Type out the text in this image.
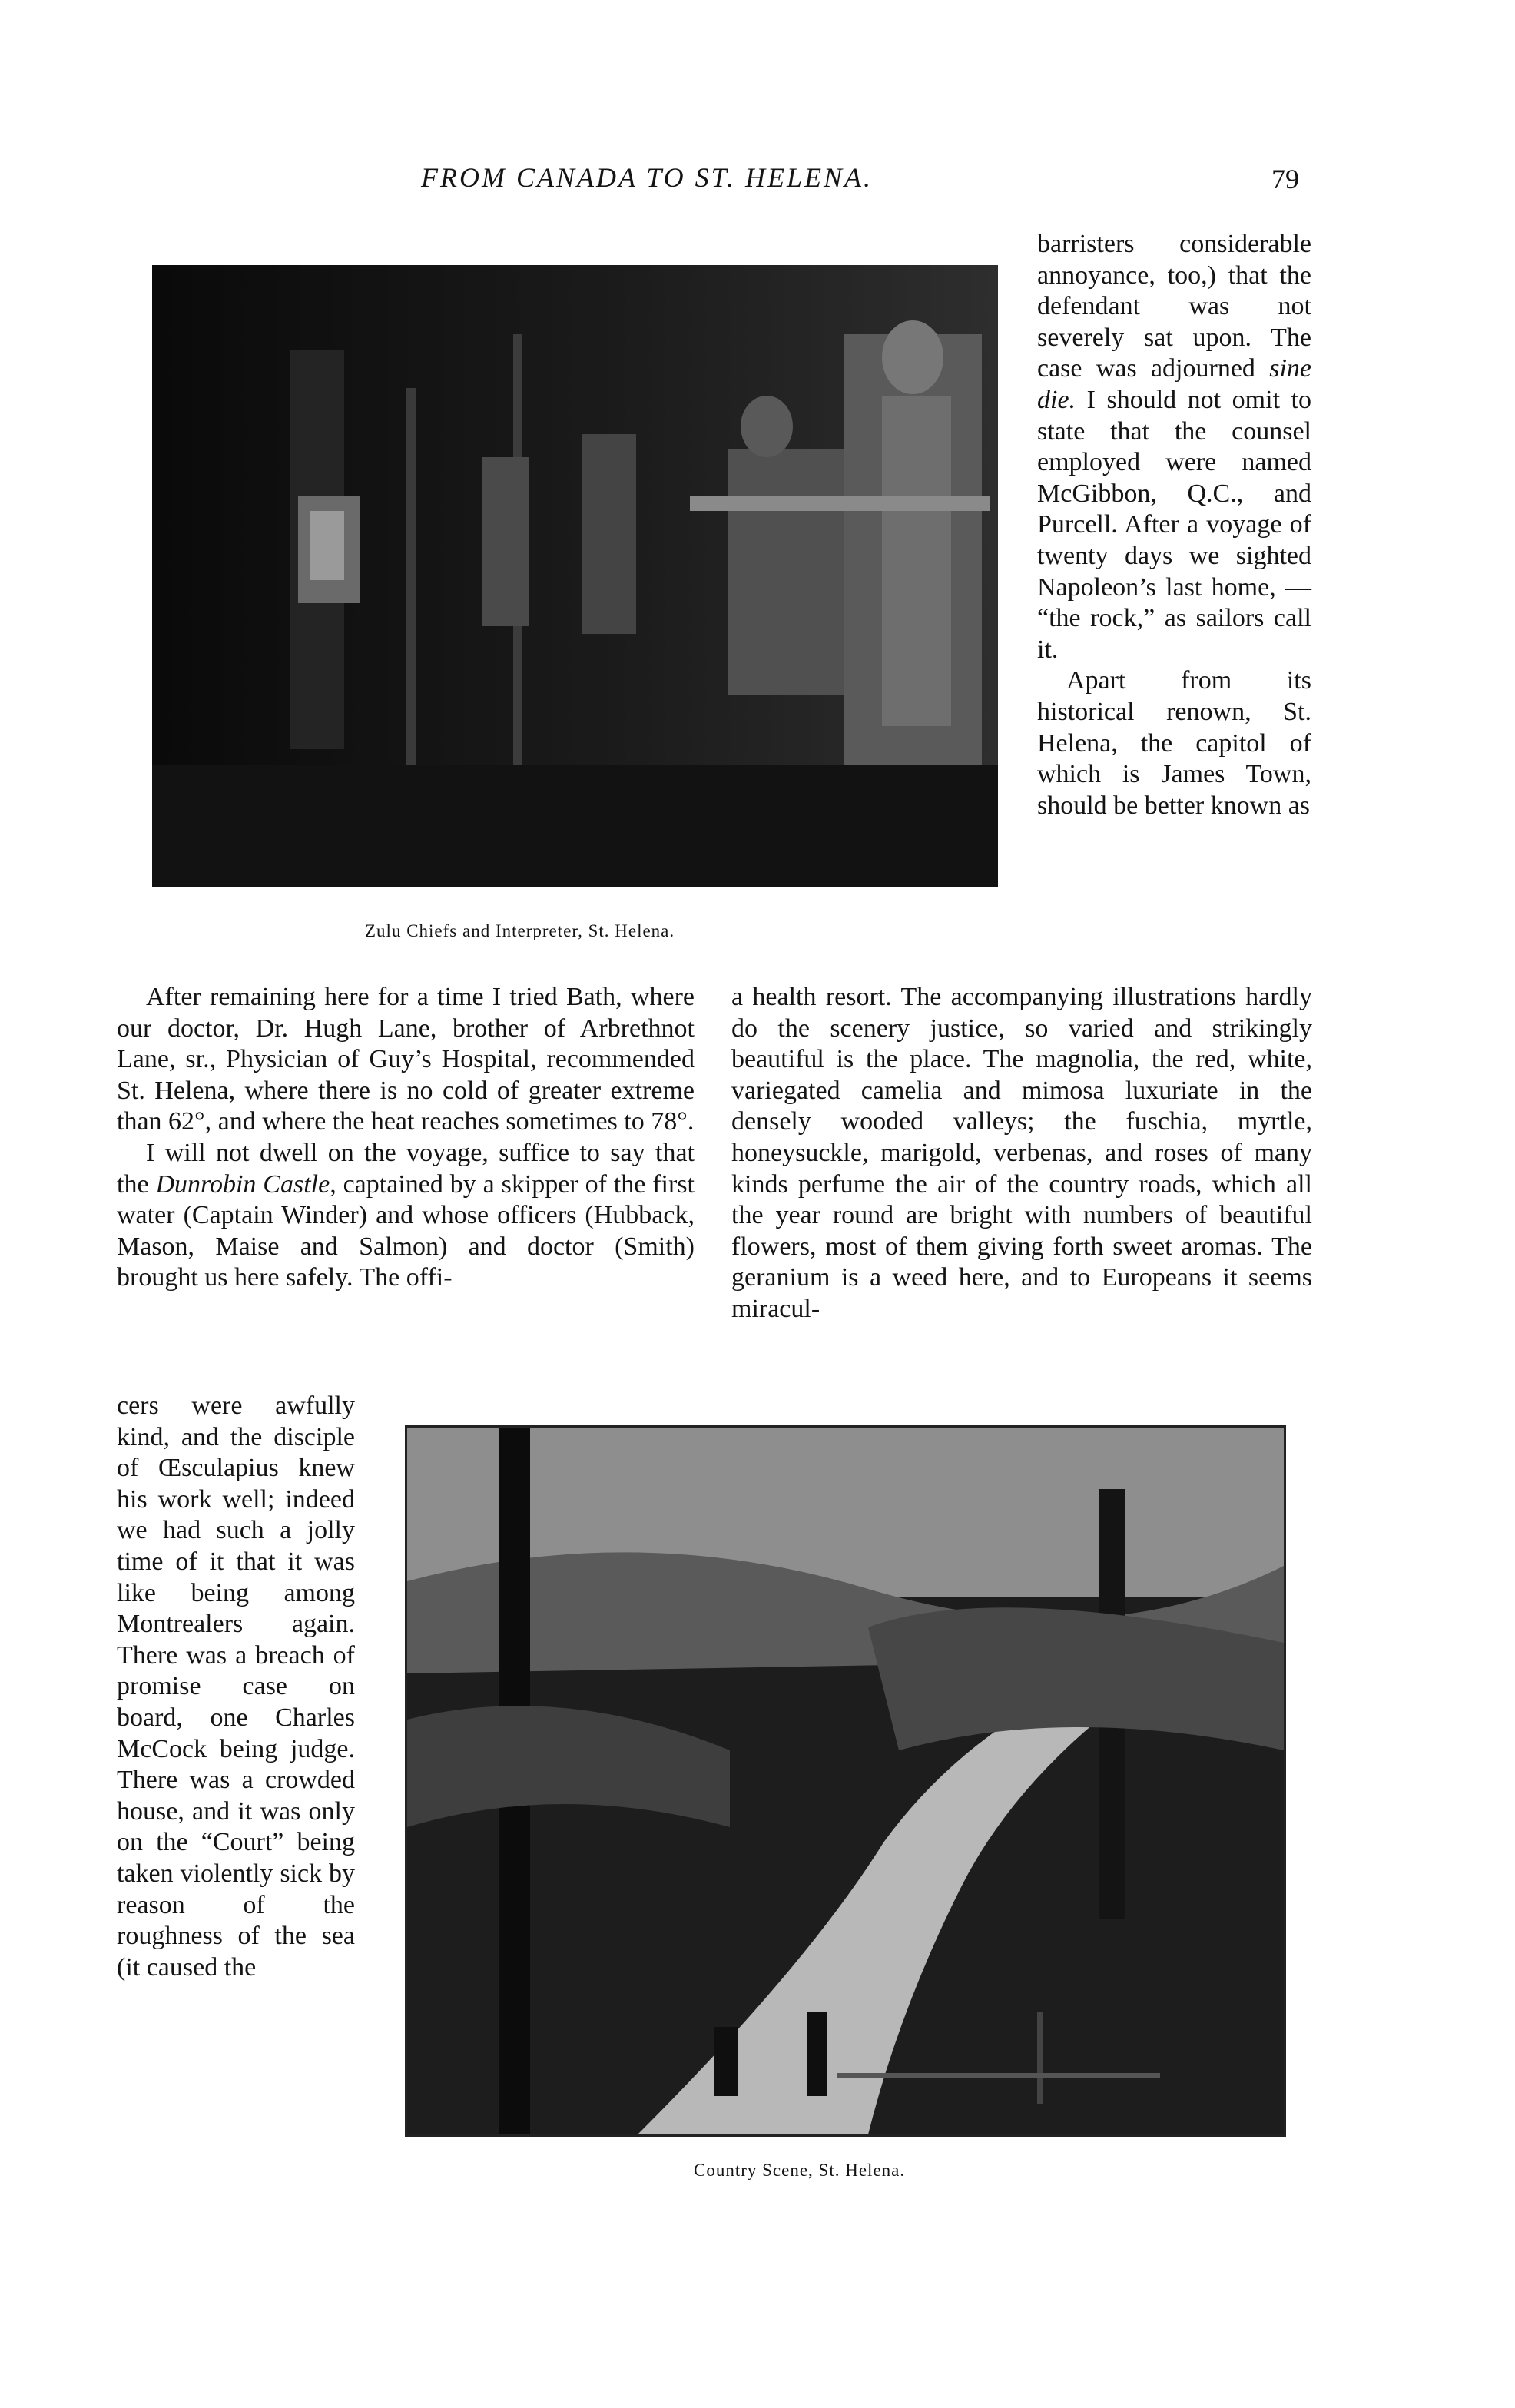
FROM CANADA TO ST. HELENA.	79
Zulu Chiefs and Interpreter, St. Helena.

barristers considerable annoyance, too,) that the defendant was not severely sat upon. The case was adjourned sine die. I should not omit to state that the counsel employed were named McGibbon, Q.C., and Purcell. After a voyage of twenty days we sighted Napoleon’s last home, — “the rock,” as sailors call it.

Apart from its historical renown, St. Helena, the capitol of which is James Town, should be better known as

After remaining here for a time I tried Bath, where our doctor, Dr. Hugh Lane, brother of Arbrethnot Lane, sr., Physician of Guy’s Hospital, recommended St. Helena, where there is no cold of greater extreme than 62°, and where the heat reaches sometimes to 78°.

I will not dwell on the voyage, suffice to say that the Dunrobin Castle, captained by a skipper of the first water (Captain Winder) and whose officers (Hubback, Mason, Maise and Salmon) and doctor (Smith) brought us here safely. The offi-

a health resort. The accompanying illustrations hardly do the scenery justice, so varied and strikingly beautiful is the place. The magnolia, the red, white, variegated camelia and mimosa luxuriate in the densely wooded valleys; the fuschia, myrtle, honeysuckle, marigold, verbenas, and roses of many kinds perfume the air of the country roads, which all the year round are bright with numbers of beautiful flowers, most of them giving forth sweet aromas. The geranium is a weed here, and to Europeans it seems miracul-

cers were awfully kind, and the disciple of Œsculapius knew his work well; indeed we had such a jolly time of it that it was like being among Montrealers again. There was a breach of promise case on board, one Charles McCock being judge. There was a crowded house, and it was only on the “Court” being taken violently sick by reason of the roughness of the sea (it caused the

Country Scene, St. Helena.
